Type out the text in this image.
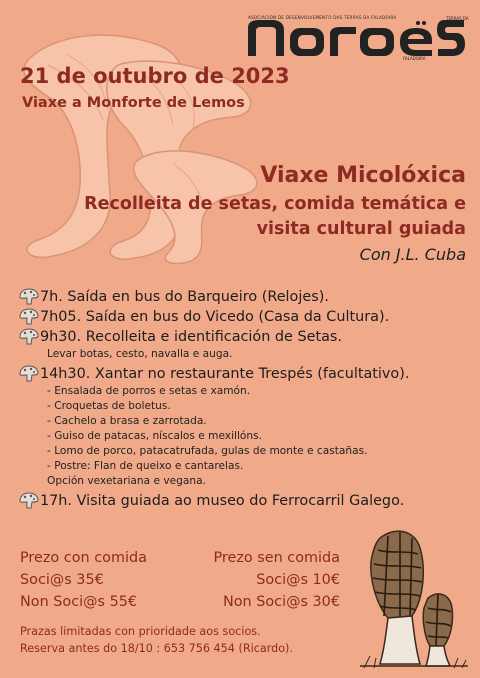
ASOCIACIÓN DE DESENVOLVEMENTO DAS TERRAS DA FALADOIRA	TERRAS DA
FALADOIRA
21 de outubro de 2023
Viaxe a Monforte de Lemos
Viaxe Micolóxica
Recolleita de setas, comida temática e
visita cultural guiada
Con J.L. Cuba
7h. Saída en bus do Barqueiro (Relojes).
7h05. Saída en bus do Vicedo (Casa da Cultura).
9h30. Recolleita e identificación de Setas.
Levar botas, cesto, navalla e auga.
14h30. Xantar no restaurante Trespés (facultativo).
- Ensalada de porros e setas e xamón.
- Croquetas de boletus.
- Cachelo a brasa e zarrotada.
- Guiso de patacas, níscalos e mexillóns.
- Lomo de porco, patacatrufada, gulas de monte e castañas.
- Postre: Flan de queixo e cantarelas.
Opción vexetariana e vegana.
17h. Visita guiada ao museo do Ferrocarril Galego.
Prezo con comida	Prezo sen comida
Soci@s 35€	Soci@s 10€
Non Soci@s 55€	Non Soci@s 30€
Prazas limitadas con prioridade aos socios.
Reserva antes do 18/10 : 653 756 454 (Ricardo).
